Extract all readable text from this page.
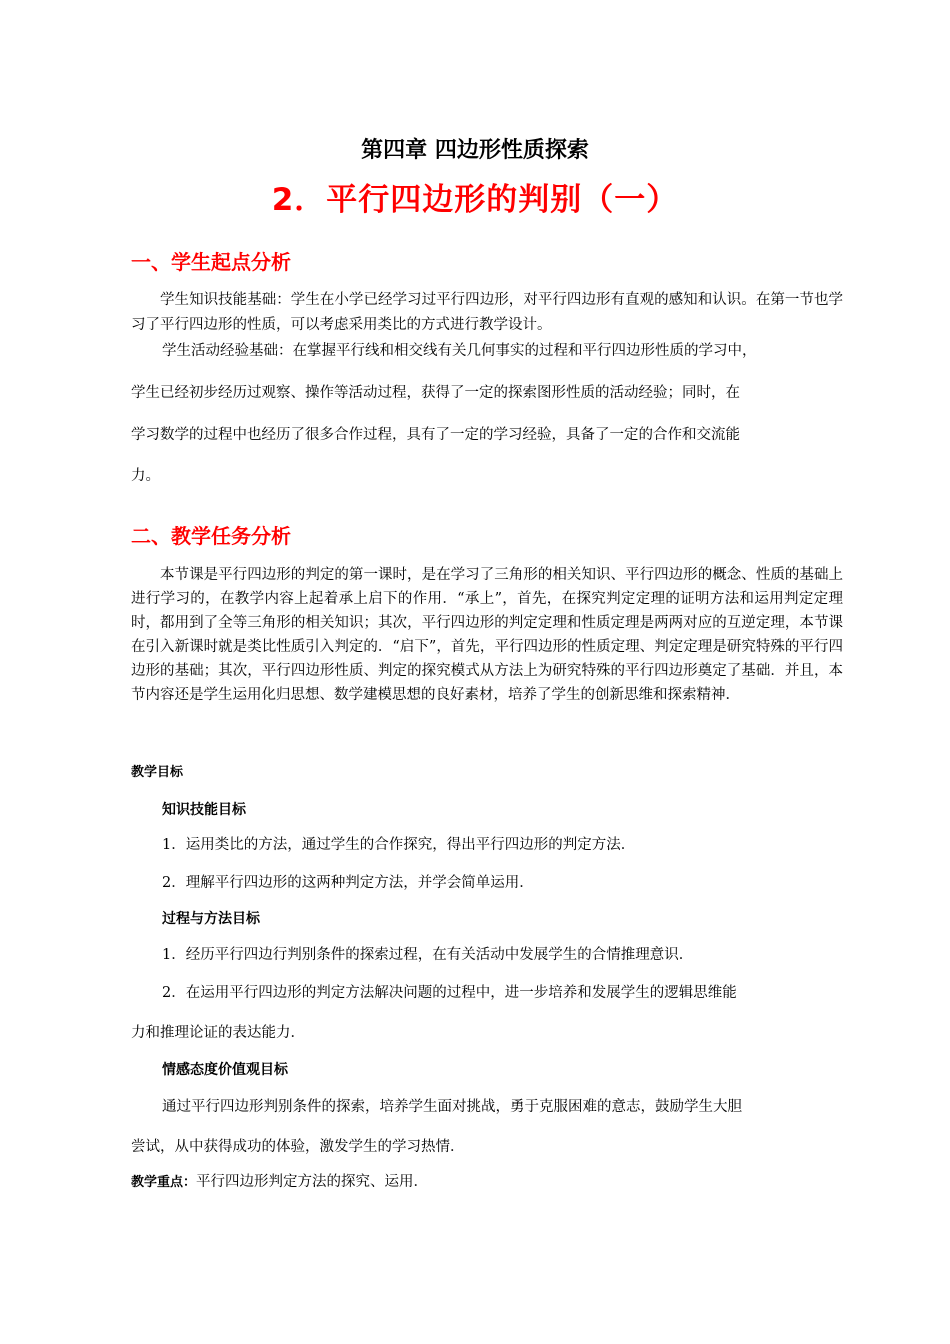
第四章 四边形性质探索
2．平行四边形的判别（一）
一、学生起点分析
学生知识技能基础：学生在小学已经学习过平行四边形，对平行四边形有直观的感知和认识。在第一节也学习了平行四边形的性质，可以考虑采用类比的方式进行教学设计。
学生活动经验基础：在掌握平行线和相交线有关几何事实的过程和平行四边形性质的学习中，
学生已经初步经历过观察、操作等活动过程，获得了一定的探索图形性质的活动经验；同时，在
学习数学的过程中也经历了很多合作过程，具有了一定的学习经验，具备了一定的合作和交流能
力。
二、教学任务分析
本节课是平行四边形的判定的第一课时，是在学习了三角形的相关知识、平行四边形的概念、性质的基础上进行学习的，在教学内容上起着承上启下的作用．“承上”，首先，在探究判定定理的证明方法和运用判定定理时，都用到了全等三角形的相关知识；其次，平行四边形的判定定理和性质定理是两两对应的互逆定理，本节课在引入新课时就是类比性质引入判定的．“启下”，首先，平行四边形的性质定理、判定定理是研究特殊的平行四边形的基础；其次，平行四边形性质、判定的探究模式从方法上为研究特殊的平行四边形奠定了基础．并且，本节内容还是学生运用化归思想、数学建模思想的良好素材，培养了学生的创新思维和探索精神．
教学目标
知识技能目标
1．运用类比的方法，通过学生的合作探究，得出平行四边形的判定方法．
2．理解平行四边形的这两种判定方法，并学会简单运用．
过程与方法目标
1．经历平行四边行判别条件的探索过程，在有关活动中发展学生的合情推理意识．
2．在运用平行四边形的判定方法解决问题的过程中，进一步培养和发展学生的逻辑思维能
力和推理论证的表达能力．
情感态度价值观目标
通过平行四边形判别条件的探索，培养学生面对挑战，勇于克服困难的意志，鼓励学生大胆
尝试，从中获得成功的体验，激发学生的学习热情．
教学重点：平行四边形判定方法的探究、运用．
